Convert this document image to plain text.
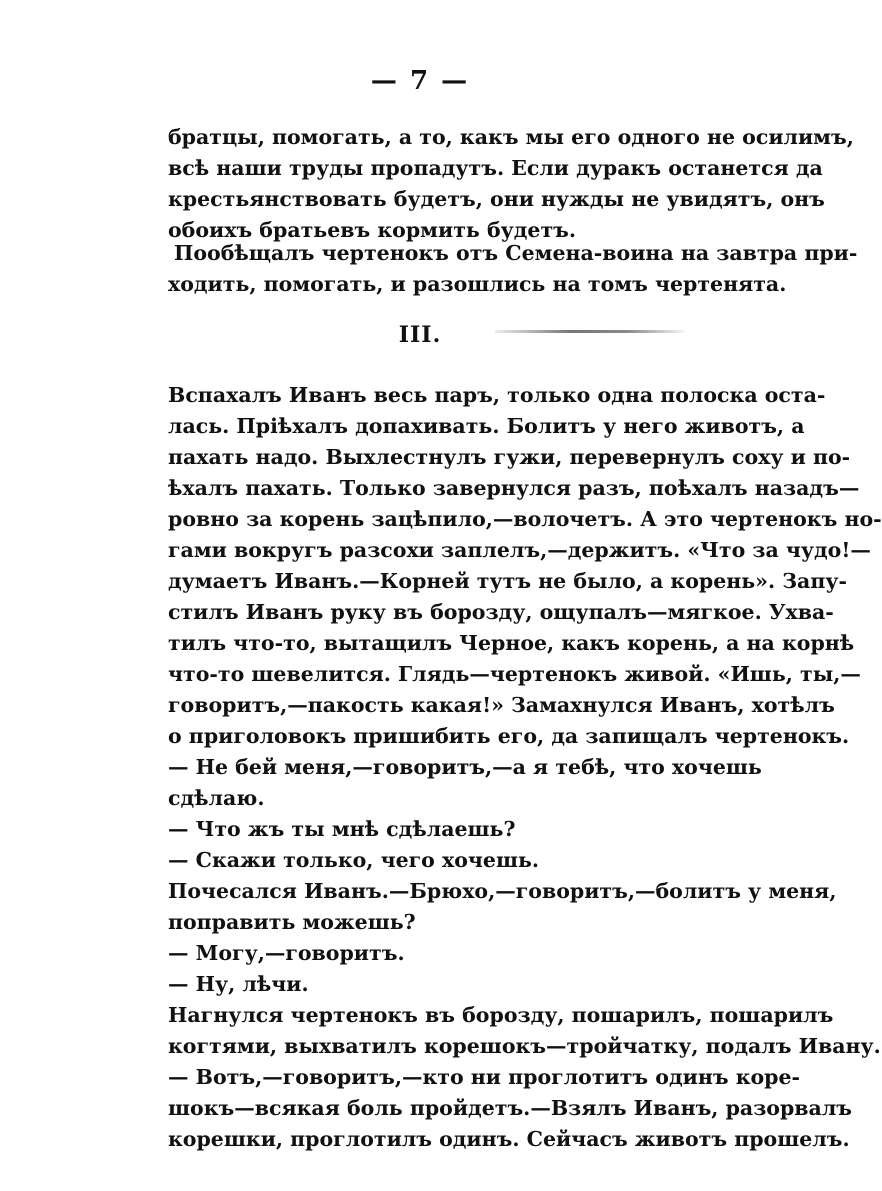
— 7 —
братцы, помогать, а то, какъ мы его одного не осилимъ,
всѣ наши труды пропадутъ. Если дуракъ останется да
крестьянствовать будетъ, они нужды не увидятъ, онъ
обоихъ братьевъ кормить будетъ.
Пообѣщалъ чертенокъ отъ Семена-воина на завтра при-
ходить, помогать, и разошлись на томъ чертенята.
III.
Вспахалъ Иванъ весь паръ, только одна полоска оста-
лась. Пріѣхалъ допахивать. Болитъ у него животъ, а
пахать надо. Выхлестнулъ гужи, перевернулъ соху и по-
ѣхалъ пахать. Только завернулся разъ, поѣхалъ назадъ—
ровно за корень зацѣпило,—волочетъ. А это чертенокъ но-
гами вокругъ разсохи заплелъ,—держитъ. «Что за чудо!—
думаетъ Иванъ.—Корней тутъ не было, а корень». Запу-
стилъ Иванъ руку въ борозду, ощупалъ—мягкое. Ухва-
тилъ что-то, вытащилъ Черное, какъ корень, а на корнѣ
что-то шевелится. Глядь—чертенокъ живой. «Ишь, ты,—
говоритъ,—пакость какая!» Замахнулся Иванъ, хотѣлъ
о приголовокъ пришибить его, да запищалъ чертенокъ.
— Не бей меня,—говоритъ,—а я тебѣ, что хочешь
сдѣлаю.
— Что жъ ты мнѣ сдѣлаешь?
— Скажи только, чего хочешь.
Почесался Иванъ.—Брюхо,—говоритъ,—болитъ у меня,
поправить можешь?
— Могу,—говоритъ.
— Ну, лѣчи.
Нагнулся чертенокъ въ борозду, пошарилъ, пошарилъ
когтями, выхватилъ корешокъ—тройчатку, подалъ Ивану.
— Вотъ,—говоритъ,—кто ни проглотитъ одинъ коре-
шокъ—всякая боль пройдетъ.—Взялъ Иванъ, разорвалъ
корешки, проглотилъ одинъ. Сейчасъ животъ прошелъ.
